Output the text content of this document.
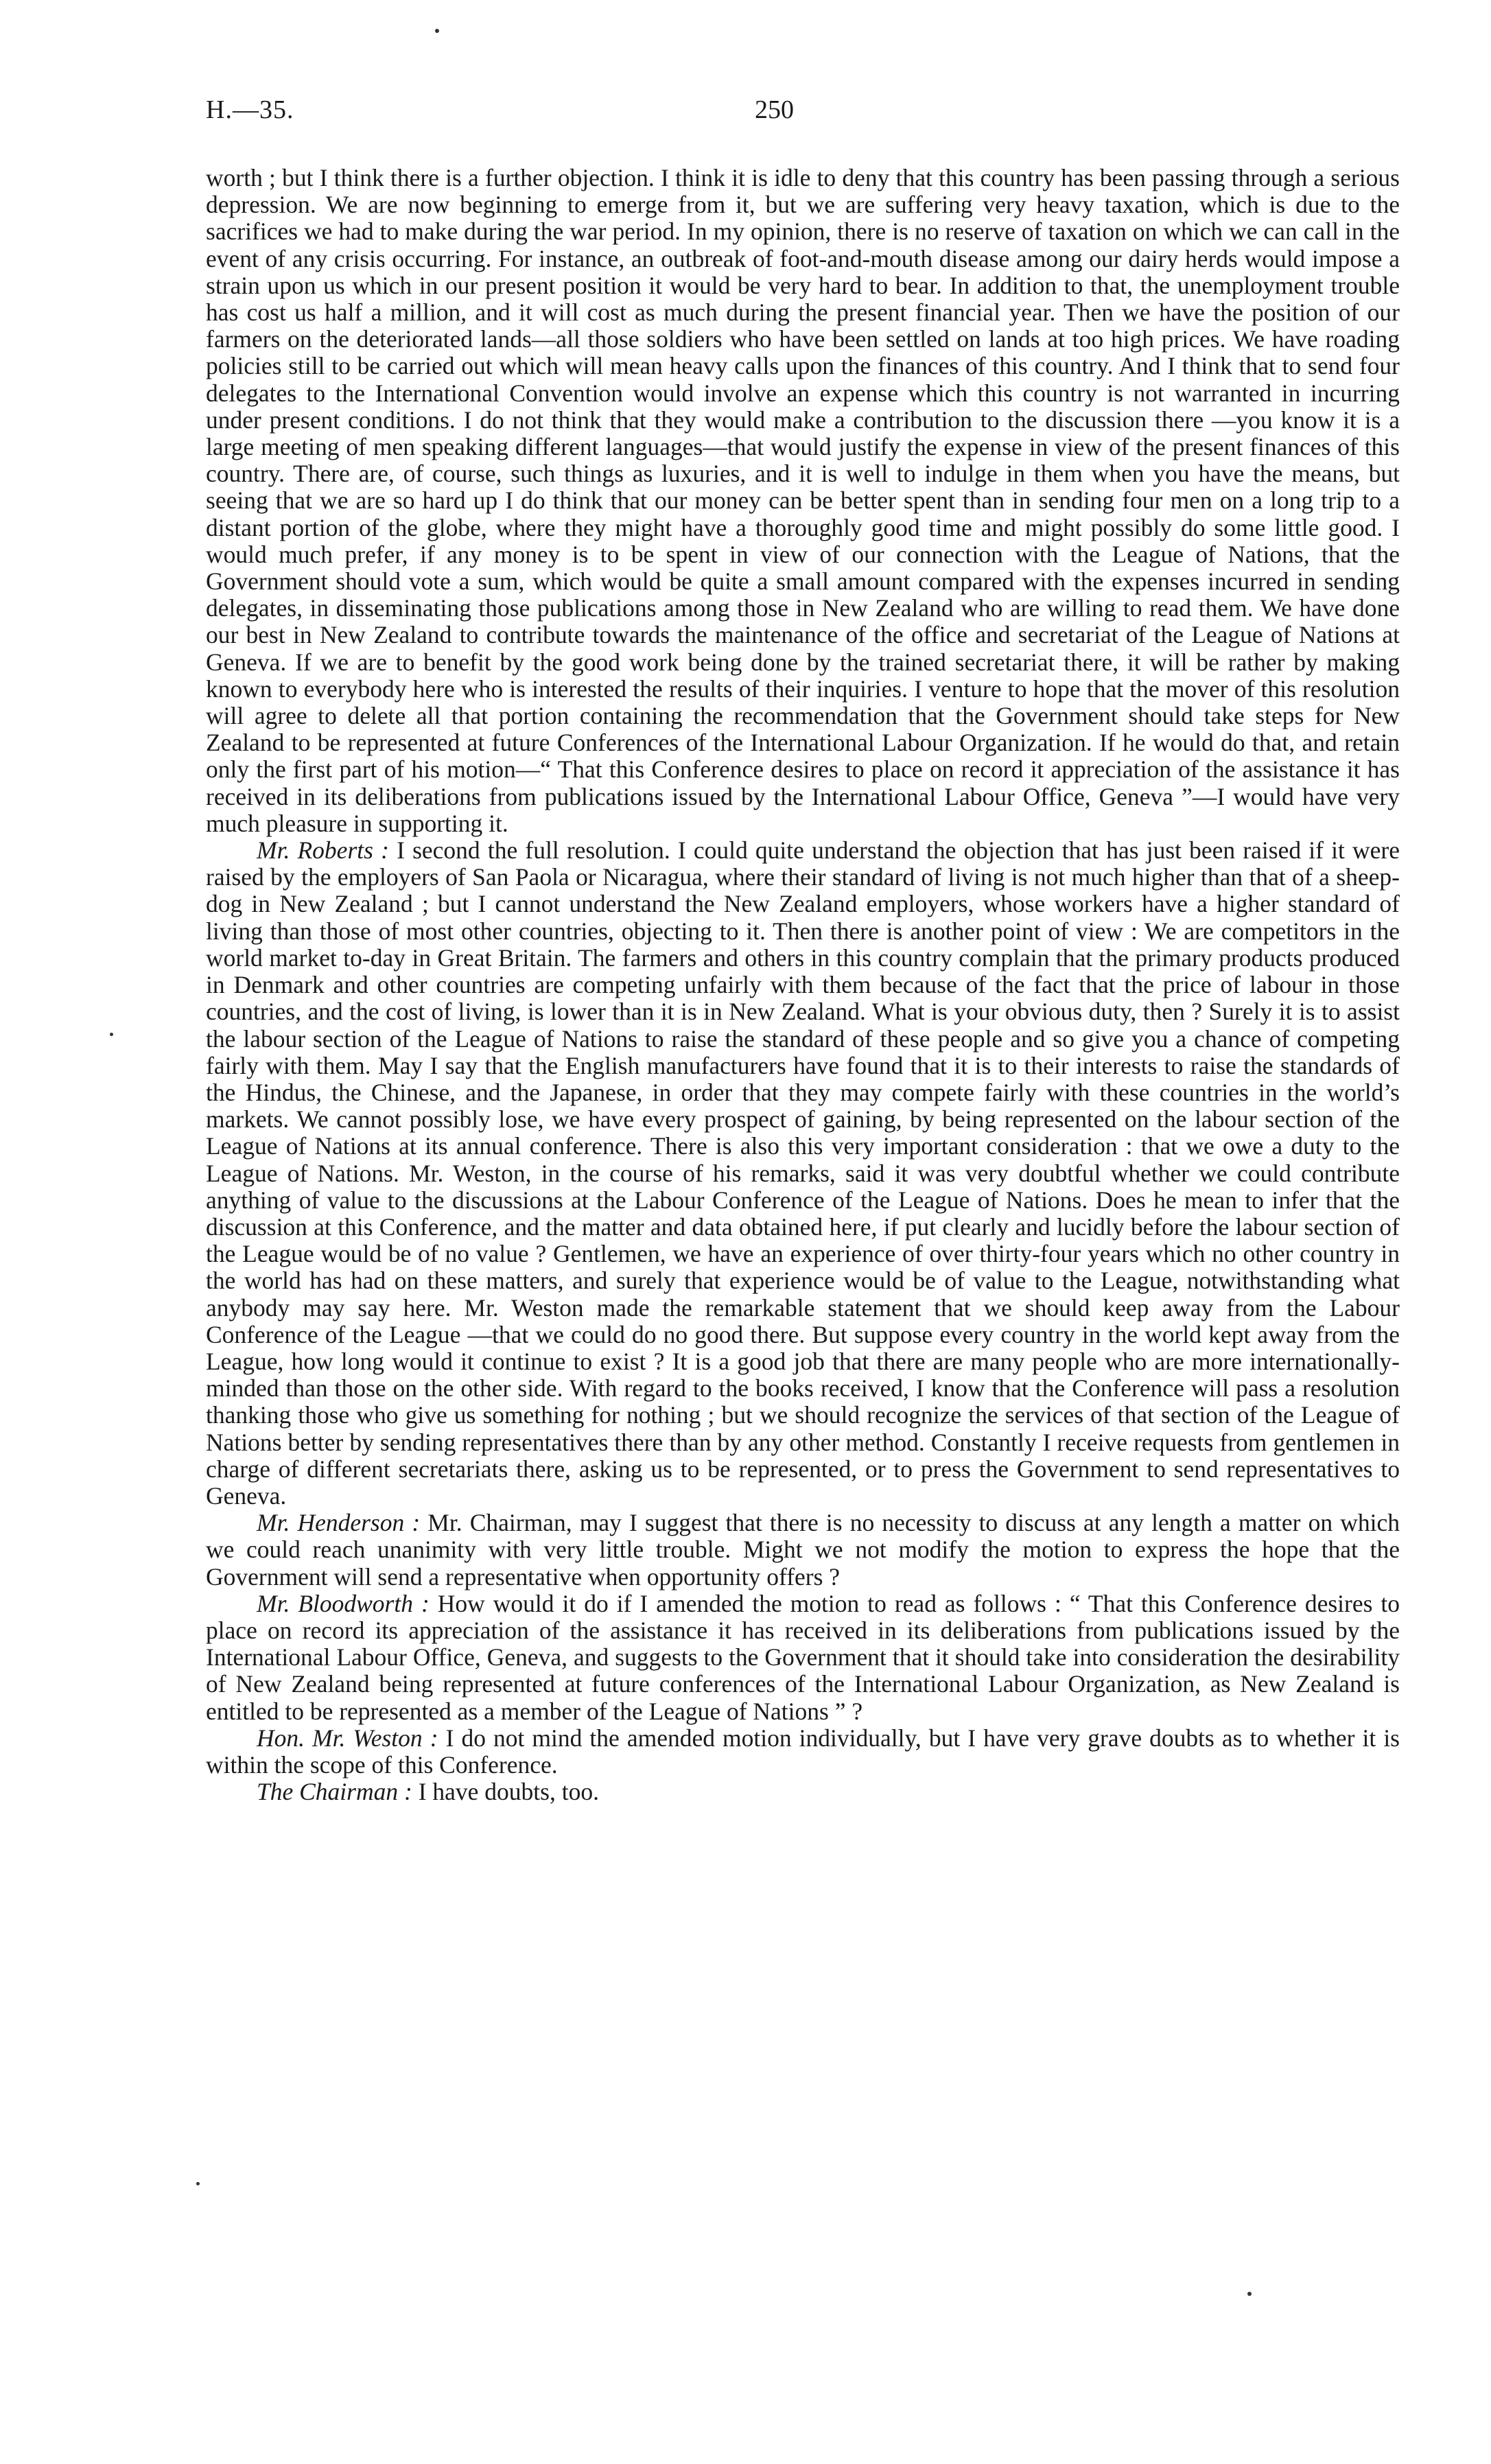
H.—35.	250

worth ; but I think there is a further objection. I think it is idle to deny that this country has been passing through a serious depression. We are now beginning to emerge from it, but we are suffering very heavy taxation, which is due to the sacrifices we had to make during the war period. In my opinion, there is no reserve of taxation on which we can call in the event of any crisis occurring. For instance, an outbreak of foot-and-mouth disease among our dairy herds would impose a strain upon us which in our present position it would be very hard to bear. In addition to that, the unemployment trouble has cost us half a million, and it will cost as much during the present financial year. Then we have the position of our farmers on the deteriorated lands—all those soldiers who have been settled on lands at too high prices. We have roading policies still to be carried out which will mean heavy calls upon the finances of this country. And I think that to send four delegates to the International Convention would involve an expense which this country is not warranted in incurring under present conditions. I do not think that they would make a contribution to the discussion there —you know it is a large meeting of men speaking different languages—that would justify the expense in view of the present finances of this country. There are, of course, such things as luxuries, and it is well to indulge in them when you have the means, but seeing that we are so hard up I do think that our money can be better spent than in sending four men on a long trip to a distant portion of the globe, where they might have a thoroughly good time and might possibly do some little good. I would much prefer, if any money is to be spent in view of our connection with the League of Nations, that the Government should vote a sum, which would be quite a small amount compared with the expenses incurred in sending delegates, in disseminating those publications among those in New Zealand who are willing to read them. We have done our best in New Zealand to contribute towards the maintenance of the office and secretariat of the League of Nations at Geneva. If we are to benefit by the good work being done by the trained secretariat there, it will be rather by making known to everybody here who is interested the results of their inquiries. I venture to hope that the mover of this resolution will agree to delete all that portion containing the recommendation that the Government should take steps for New Zealand to be represented at future Conferences of the International Labour Organization. If he would do that, and retain only the first part of his motion—“ That this Conference desires to place on record it appreciation of the assistance it has received in its deliberations from publications issued by the International Labour Office, Geneva ”—I would have very much pleasure in supporting it.

Mr. Roberts : I second the full resolution. I could quite understand the objection that has just been raised if it were raised by the employers of San Paola or Nicaragua, where their standard of living is not much higher than that of a sheep-dog in New Zealand ; but I cannot understand the New Zealand employers, whose workers have a higher standard of living than those of most other countries, objecting to it. Then there is another point of view : We are competitors in the world market to-day in Great Britain. The farmers and others in this country complain that the primary products produced in Denmark and other countries are competing unfairly with them because of the fact that the price of labour in those countries, and the cost of living, is lower than it is in New Zealand. What is your obvious duty, then ? Surely it is to assist the labour section of the League of Nations to raise the standard of these people and so give you a chance of competing fairly with them. May I say that the English manufacturers have found that it is to their interests to raise the standards of the Hindus, the Chinese, and the Japanese, in order that they may compete fairly with these countries in the world’s markets. We cannot possibly lose, we have every prospect of gaining, by being represented on the labour section of the League of Nations at its annual conference. There is also this very important consideration : that we owe a duty to the League of Nations. Mr. Weston, in the course of his remarks, said it was very doubtful whether we could contribute anything of value to the discussions at the Labour Conference of the League of Nations. Does he mean to infer that the discussion at this Conference, and the matter and data obtained here, if put clearly and lucidly before the labour section of the League would be of no value ? Gentlemen, we have an experience of over thirty-four years which no other country in the world has had on these matters, and surely that experience would be of value to the League, notwithstanding what anybody may say here. Mr. Weston made the remarkable statement that we should keep away from the Labour Conference of the League —that we could do no good there. But suppose every country in the world kept away from the League, how long would it continue to exist ? It is a good job that there are many people who are more internationally-minded than those on the other side. With regard to the books received, I know that the Conference will pass a resolution thanking those who give us something for nothing ; but we should recognize the services of that section of the League of Nations better by sending representatives there than by any other method. Constantly I receive requests from gentlemen in charge of different secretariats there, asking us to be represented, or to press the Government to send representatives to Geneva.

Mr. Henderson : Mr. Chairman, may I suggest that there is no necessity to discuss at any length a matter on which we could reach unanimity with very little trouble. Might we not modify the motion to express the hope that the Government will send a representative when opportunity offers ?

Mr. Bloodworth : How would it do if I amended the motion to read as follows : “ That this Conference desires to place on record its appreciation of the assistance it has received in its deliberations from publications issued by the International Labour Office, Geneva, and suggests to the Government that it should take into consideration the desirability of New Zealand being represented at future conferences of the International Labour Organization, as New Zealand is entitled to be represented as a member of the League of Nations ” ?

Hon. Mr. Weston : I do not mind the amended motion individually, but I have very grave doubts as to whether it is within the scope of this Conference.

The Chairman : I have doubts, too.
